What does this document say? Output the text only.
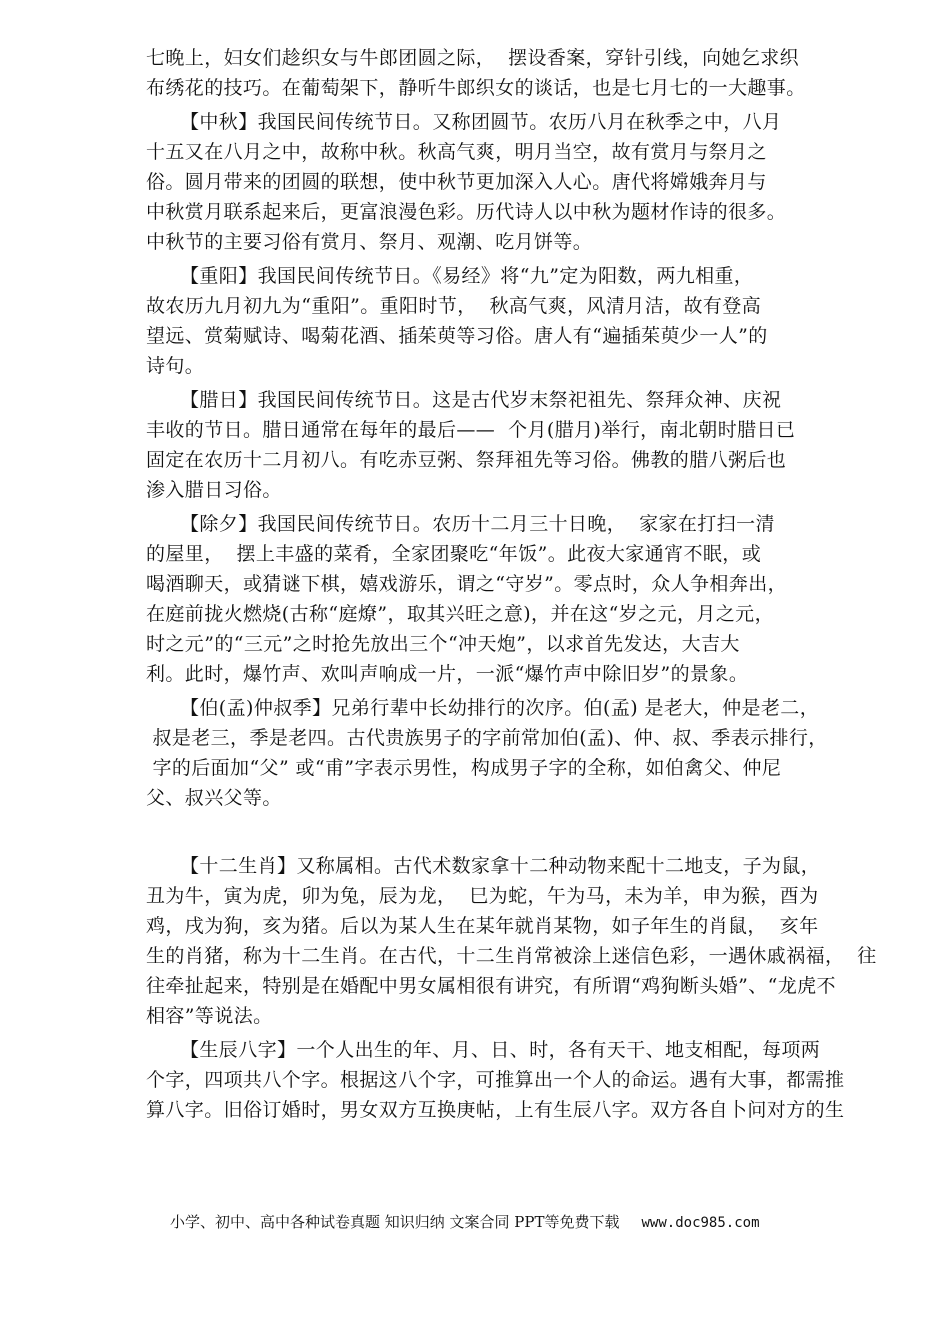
七晚上，妇女们趁织女与牛郎团圆之际，  摆设香案，穿针引线，向她乞求织
布绣花的技巧。在葡萄架下，静听牛郎织女的谈话，也是七月七的一大趣事。
【中秋】我国民间传统节日。又称团圆节。农历八月在秋季之中，八月
十五又在八月之中，故称中秋。秋高气爽，明月当空，故有赏月与祭月之
俗。圆月带来的团圆的联想，使中秋节更加深入人心。唐代将嫦娥奔月与
中秋赏月联系起来后，更富浪漫色彩。历代诗人以中秋为题材作诗的很多。
中秋节的主要习俗有赏月、祭月、观潮、吃月饼等。
【重阳】我国民间传统节日。《易经》将“九”定为阳数，两九相重，
故农历九月初九为“重阳”。重阳时节，  秋高气爽，风清月洁，故有登高
望远、赏菊赋诗、喝菊花酒、插茱萸等习俗。唐人有“遍插茱萸少一人”的
诗句。
【腊日】我国民间传统节日。这是古代岁末祭祀祖先、祭拜众神、庆祝
丰收的节日。腊日通常在每年的最后——  个月(腊月)举行，南北朝时腊日已
固定在农历十二月初八。有吃赤豆粥、祭拜祖先等习俗。佛教的腊八粥后也
渗入腊日习俗。
【除夕】我国民间传统节日。农历十二月三十日晚，  家家在打扫一清
的屋里，  摆上丰盛的菜肴，全家团聚吃“年饭”。此夜大家通宵不眠，或
喝酒聊天，或猜谜下棋，嬉戏游乐，谓之“守岁”。零点时，众人争相奔出，
在庭前拢火燃烧(古称“庭燎”，取其兴旺之意)，并在这“岁之元，月之元，
时之元”的“三元”之时抢先放出三个“冲天炮”，以求首先发达，大吉大
利。此时，爆竹声、欢叫声响成一片，一派“爆竹声中除旧岁”的景象。
【伯(孟)仲叔季】兄弟行辈中长幼排行的次序。伯(孟) 是老大，仲是老二，
叔是老三，季是老四。古代贵族男子的字前常加伯(孟)、仲、叔、季表示排行，
字的后面加“父” 或“甫”字表示男性，构成男子字的全称，如伯禽父、仲尼
父、叔兴父等。
【十二生肖】又称属相。古代术数家拿十二种动物来配十二地支，子为鼠，
丑为牛，寅为虎，卯为兔，辰为龙，  巳为蛇，午为马，未为羊，申为猴，酉为
鸡，戌为狗，亥为猪。后以为某人生在某年就肖某物，如子年生的肖鼠，  亥年
生的肖猪，称为十二生肖。在古代，十二生肖常被涂上迷信色彩，一遇休戚祸福，  往
往牵扯起来，特别是在婚配中男女属相很有讲究，有所谓“鸡狗断头婚”、“龙虎不
相容”等说法。
【生辰八字】一个人出生的年、月、日、时，各有天干、地支相配，每项两
个字，四项共八个字。根据这八个字，可推算出一个人的命运。遇有大事，都需推
算八字。旧俗订婚时，男女双方互换庚帖，上有生辰八字。双方各自卜问对方的生
小学、初中、高中各种试卷真题 知识归纳 文案合同 PPT等免费下载 www.doc985.com
